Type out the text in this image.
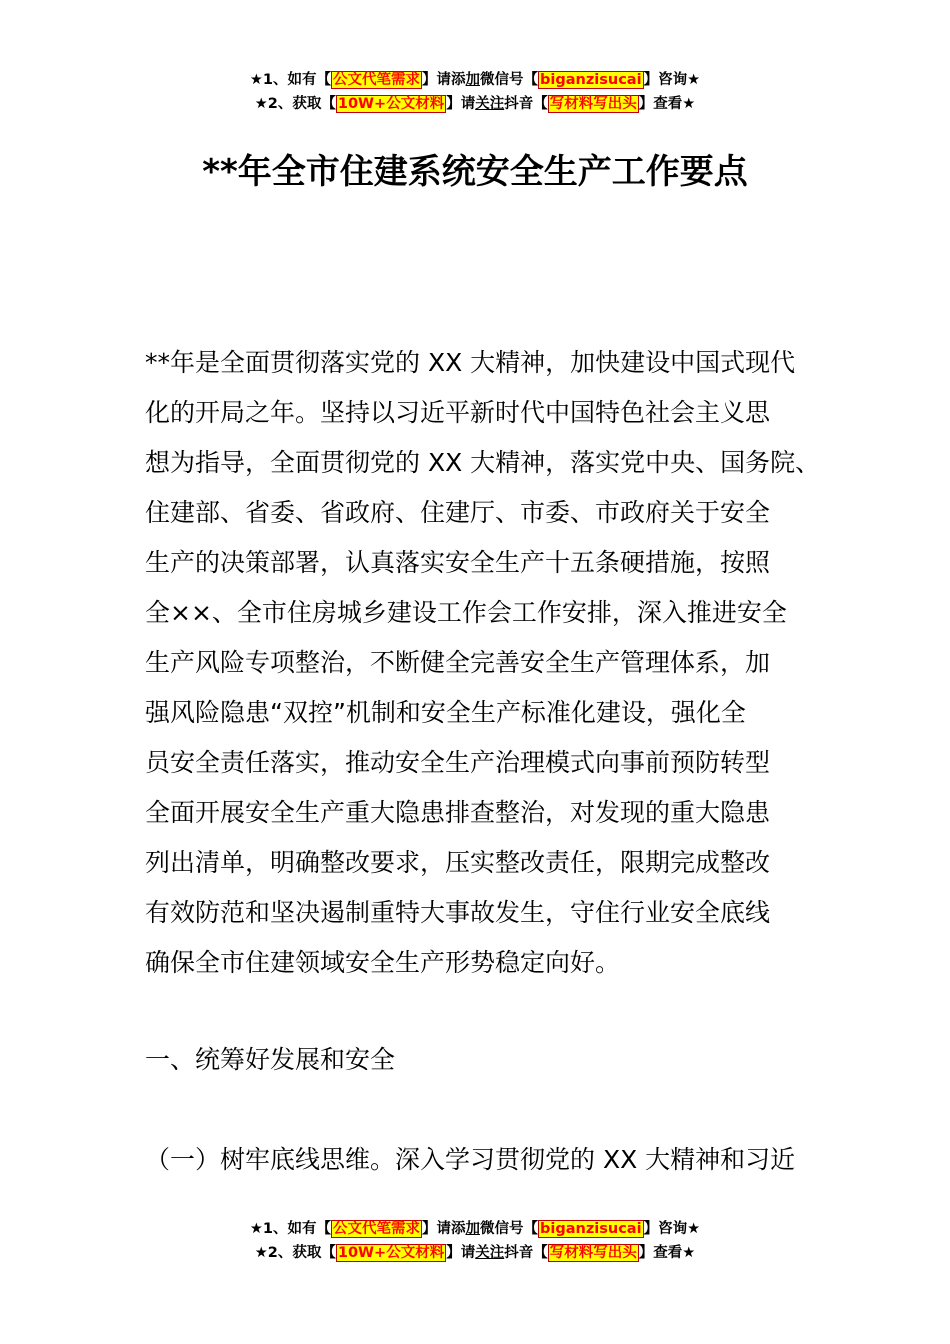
★1、如有【 公文代笔需求 】请添加微信号【 biganzisucai 】咨询★
★2、获取【 10W+公文材料 】请关注抖音【 写材料写出头 】查看★
**年全市住建系统安全生产工作要点
**年是全面贯彻落实党的 XX 大精神，加快建设中国式现代
化的开局之年。坚持以习近平新时代中国特色社会主义思
想为指导，全面贯彻党的 XX 大精神，落实党中央、国务院、
住建部、省委、省政府、住建厅、市委、市政府关于安全
生产的决策部署，认真落实安全生产十五条硬措施，按照
全××、全市住房城乡建设工作会工作安排，深入推进安全
生产风险专项整治，不断健全完善安全生产管理体系，加
强风险隐患“双控”机制和安全生产标准化建设，强化全
员安全责任落实，推动安全生产治理模式向事前预防转型
全面开展安全生产重大隐患排查整治，对发现的重大隐患
列出清单，明确整改要求，压实整改责任，限期完成整改
有效防范和坚决遏制重特大事故发生，守住行业安全底线
确保全市住建领域安全生产形势稳定向好。
一、统筹好发展和安全
（一）树牢底线思维。深入学习贯彻党的 XX 大精神和习近
★1、如有【 公文代笔需求 】请添加微信号【 biganzisucai 】咨询★
★2、获取【 10W+公文材料 】请关注抖音【 写材料写出头 】查看★
